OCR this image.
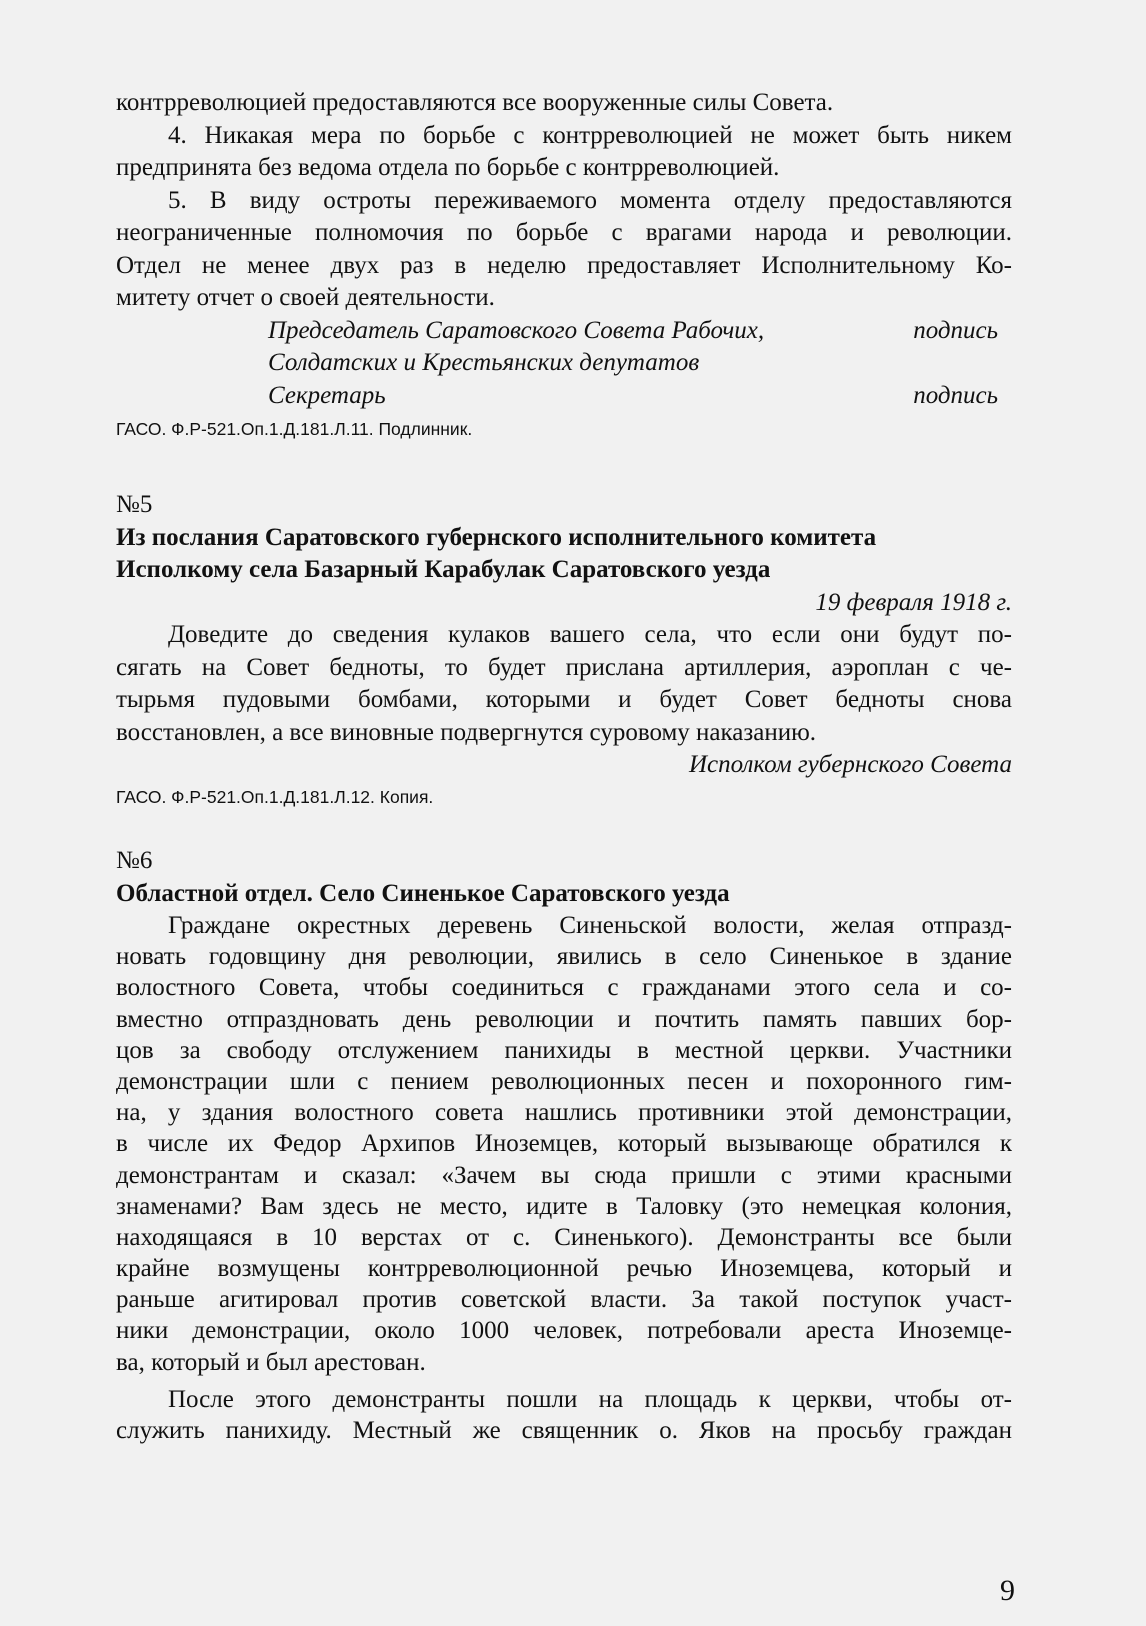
контрреволюцией предоставляются все вооруженные силы Совета.
4. Никакая мера по борьбе с контрреволюцией не может быть никем
предпринята без ведома отдела по борьбе с контрреволюцией.
5. В виду остроты переживаемого момента отделу предоставляются
неограниченные полномочия по борьбе с врагами народа и революции.
Отдел не менее двух раз в неделю предоставляет Исполнительному Ко-
митету отчет о своей деятельности.
Председатель Саратовского Совета Рабочих,	подпись
Солдатских и Крестьянских депутатов
Секретарь	подпись
ГАСО. Ф.Р-521.Оп.1.Д.181.Л.11. Подлинник.
№5
Из послания Саратовского губернского исполнительного комитета
Исполкому села Базарный Карабулак Саратовского уезда
19 февраля 1918 г.
Доведите до сведения кулаков вашего села, что если они будут по-
сягать на Совет бедноты, то будет прислана артиллерия, аэроплан с че-
тырьмя пудовыми бомбами, которыми и будет Совет бедноты снова
восстановлен, а все виновные подвергнутся суровому наказанию.
Исполком губернского Совета
ГАСО. Ф.Р-521.Оп.1.Д.181.Л.12. Копия.
№6
Областной отдел. Село Синенькое Саратовского уезда
Граждане окрестных деревень Синеньской волости, желая отпразд-
новать годовщину дня революции, явились в село Синенькое в здание
волостного Совета, чтобы соединиться с гражданами этого села и со-
вместно отпраздновать день революции и почтить память павших бор-
цов за свободу отслужением панихиды в местной церкви. Участники
демонстрации шли с пением революционных песен и похоронного гим-
на, у здания волостного совета нашлись противники этой демонстрации,
в числе их Федор Архипов Иноземцев, который вызывающе обратился к
демонстрантам и сказал: «Зачем вы сюда пришли с этими красными
знаменами? Вам здесь не место, идите в Таловку (это немецкая колония,
находящаяся в 10 верстах от с. Синенького). Демонстранты все были
крайне возмущены контрреволюционной речью Иноземцева, который и
раньше агитировал против советской власти. За такой поступок участ-
ники демонстрации, около 1000 человек, потребовали ареста Иноземце-
ва, который и был арестован.
После этого демонстранты пошли на площадь к церкви, чтобы от-
служить панихиду. Местный же священник о. Яков на просьбу граждан
9
